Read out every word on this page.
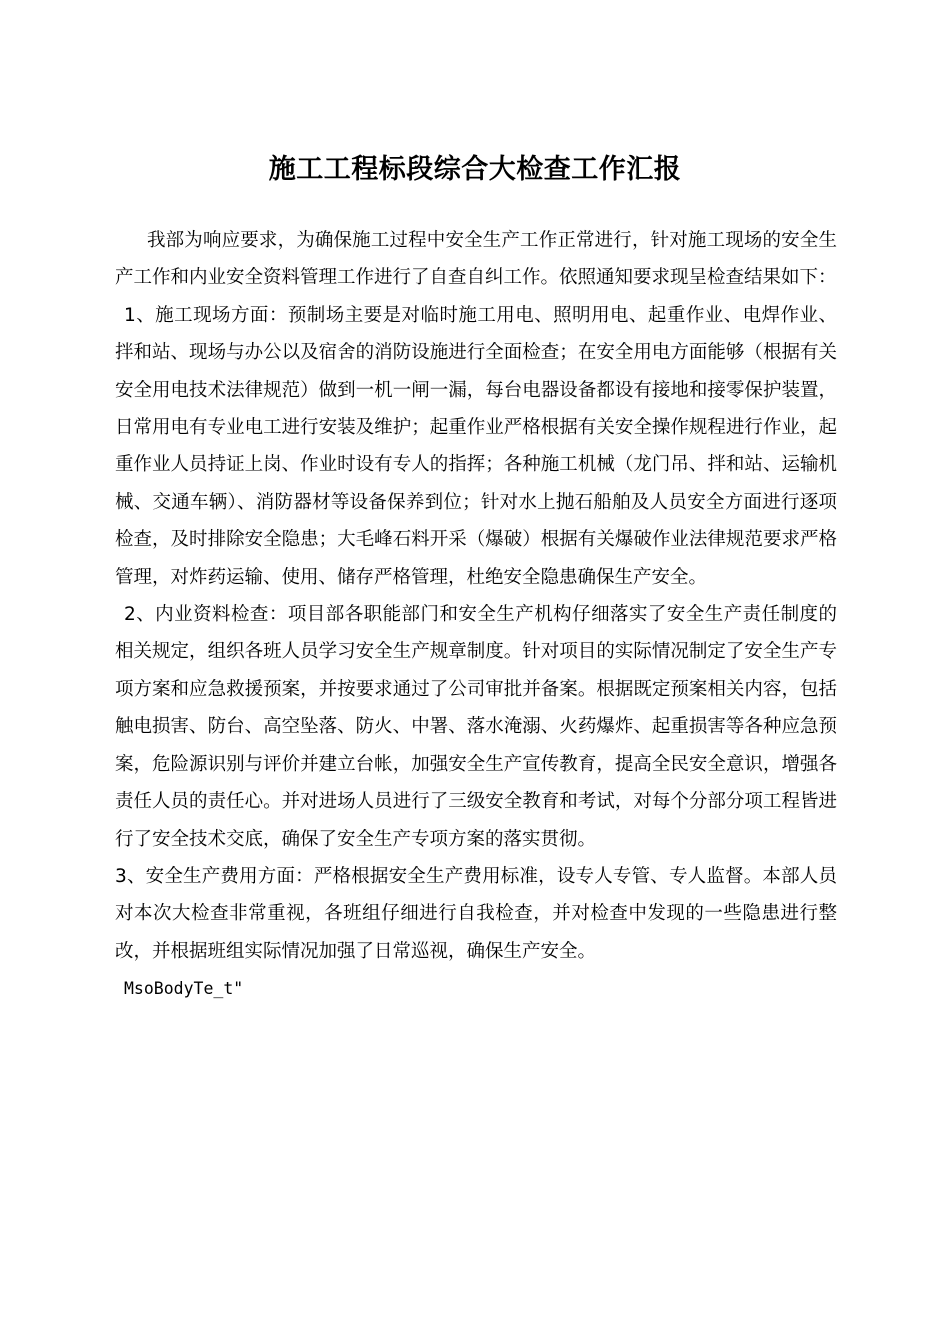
施工工程标段综合大检查工作汇报

我部为响应要求，为确保施工过程中安全生产工作正常进行，针对施工现场的安全生产工作和内业安全资料管理工作进行了自查自纠工作。依照通知要求现呈检查结果如下：

1、施工现场方面：预制场主要是对临时施工用电、照明用电、起重作业、电焊作业、拌和站、现场与办公以及宿舍的消防设施进行全面检查；在安全用电方面能够（根据有关安全用电技术法律规范）做到一机一闸一漏，每台电器设备都设有接地和接零保护装置，日常用电有专业电工进行安装及维护；起重作业严格根据有关安全操作规程进行作业，起重作业人员持证上岗、作业时设有专人的指挥；各种施工机械（龙门吊、拌和站、运输机械、交通车辆）、消防器材等设备保养到位；针对水上抛石船舶及人员安全方面进行逐项检查，及时排除安全隐患；大毛峰石料开采（爆破）根据有关爆破作业法律规范要求严格管理，对炸药运输、使用、储存严格管理，杜绝安全隐患确保生产安全。

2、内业资料检查：项目部各职能部门和安全生产机构仔细落实了安全生产责任制度的相关规定，组织各班人员学习安全生产规章制度。针对项目的实际情况制定了安全生产专项方案和应急救援预案，并按要求通过了公司审批并备案。根据既定预案相关内容，包括触电损害、防台、高空坠落、防火、中署、落水淹溺、火药爆炸、起重损害等各种应急预案，危险源识别与评价并建立台帐，加强安全生产宣传教育，提高全民安全意识，增强各责任人员的责任心。并对进场人员进行了三级安全教育和考试，对每个分部分项工程皆进行了安全技术交底，确保了安全生产专项方案的落实贯彻。

3、安全生产费用方面：严格根据安全生产费用标准，设专人专管、专人监督。本部人员对本次大检查非常重视，各班组仔细进行自我检查，并对检查中发现的一些隐患进行整改，并根据班组实际情况加强了日常巡视，确保生产安全。

MsoBodyTe_t"
